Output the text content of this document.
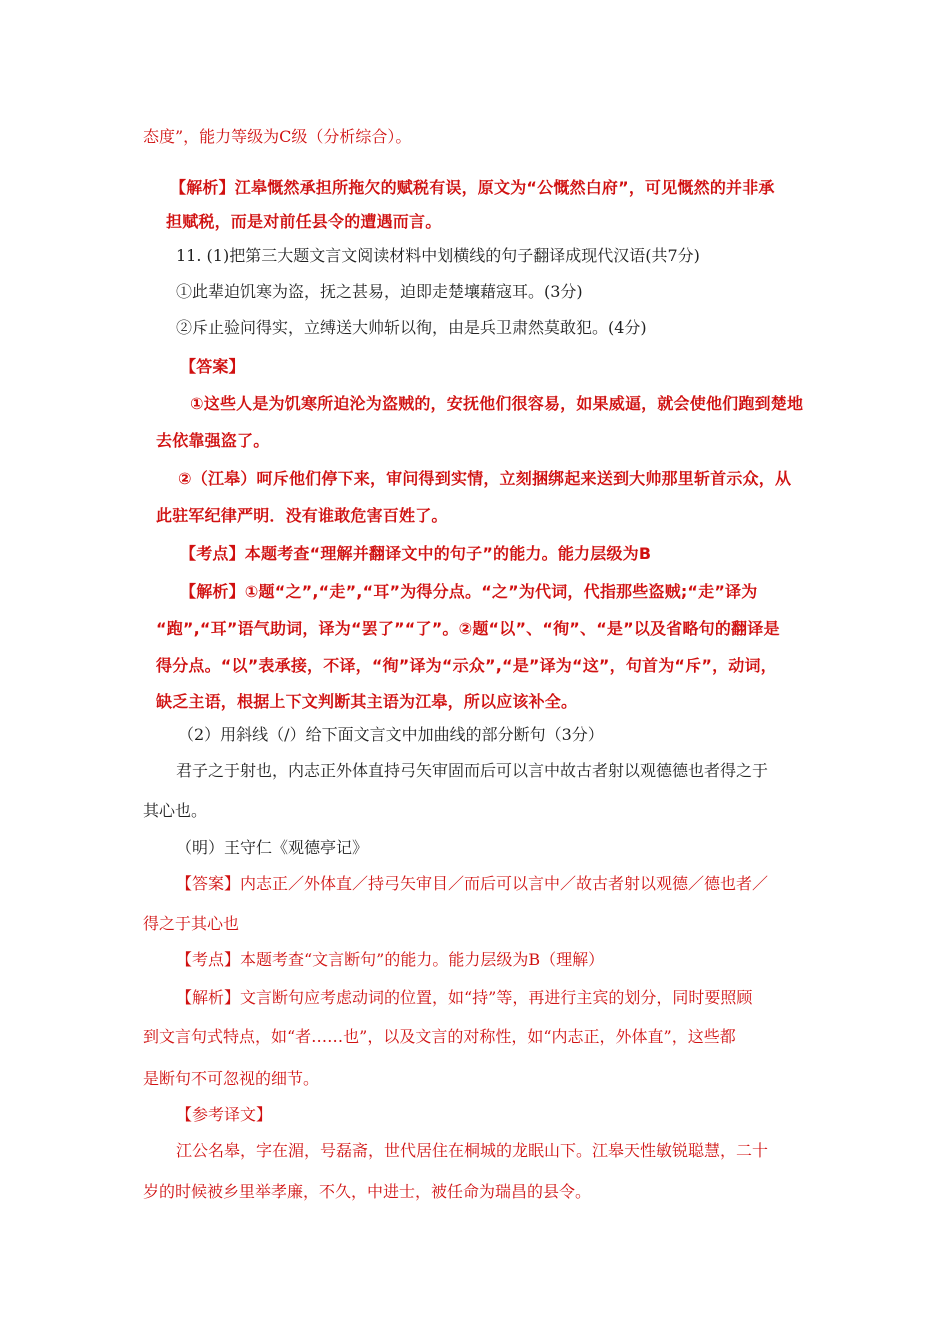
态度”，能力等级为C级（分析综合）。
【解析】江皋慨然承担所拖欠的赋税有误，原文为“公慨然白府”，可见慨然的并非承
担赋税，而是对前任县令的遭遇而言。
11. (1)把第三大题文言文阅读材料中划横线的句子翻译成现代汉语(共7分)
①此辈迫饥寒为盗，抚之甚易，迫即走楚壤藉寇耳。(3分)
②斥止验问得实，立缚送大帅斩以徇，由是兵卫肃然莫敢犯。(4分)
【答案】
①这些人是为饥寒所迫沦为盗贼的，安抚他们很容易，如果威逼，就会使他们跑到楚地
去依靠强盗了。
②（江皋）呵斥他们停下来，审问得到实情，立刻捆绑起来送到大帅那里斩首示众，从
此驻军纪律严明．没有谁敢危害百姓了。
【考点】本题考查“理解并翻译文中的句子”的能力。能力层级为B
【解析】①题“之”,“走”,“耳”为得分点。“之”为代词，代指那些盗贼;“走”译为
“跑”,“耳”语气助词，译为“罢了”“了”。②题“以”、“徇”、“是”以及省略句的翻译是
得分点。“以”表承接，不译，“徇”译为“示众”,“是”译为“这”，句首为“斥”，动词，
缺乏主语，根据上下文判断其主语为江皋，所以应该补全。
（2）用斜线（/）给下面文言文中加曲线的部分断句（3分）
君子之于射也，内志正外体直持弓矢审固而后可以言中故古者射以观德德也者得之于
其心也。
（明）王守仁《观德亭记》
【答案】内志正／外体直／持弓矢审目／而后可以言中／故古者射以观德／德也者／
得之于其心也
【考点】本题考查“文言断句”的能力。能力层级为B（理解）
【解析】文言断句应考虑动词的位置，如“持”等，再进行主宾的划分，同时要照顾
到文言句式特点，如“者……也”，以及文言的对称性，如“内志正，外体直”，这些都
是断句不可忽视的细节。
【参考译文】
江公名皋，字在湄，号磊斋，世代居住在桐城的龙眠山下。江皋天性敏锐聪慧，二十
岁的时候被乡里举孝廉，不久，中进士，被任命为瑞昌的县令。
